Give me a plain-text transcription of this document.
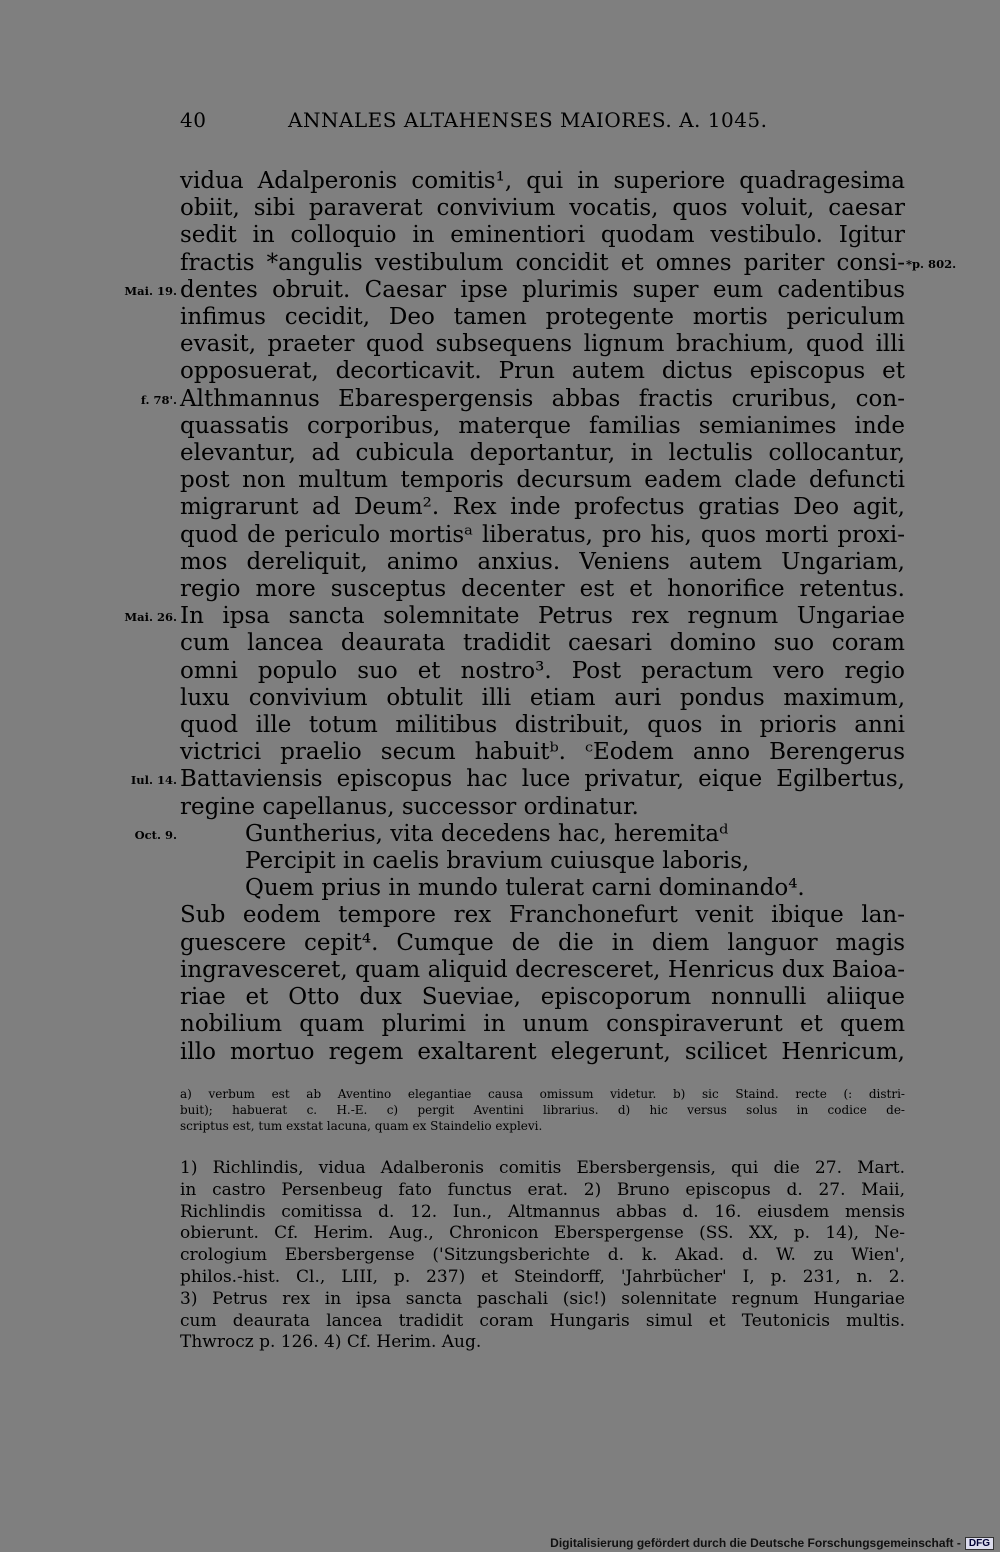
40	ANNALES ALTAHENSES MAIORES. A. 1045.
vidua Adalperonis comitis¹, qui in superiore quadragesima
obiit, sibi paraverat convivium vocatis, quos voluit, caesar
sedit in colloquio in eminentiori quodam vestibulo. Igitur
fractis *angulis vestibulum concidit et omnes pariter consi-
dentes obruit. Caesar ipse plurimis super eum cadentibus
infimus cecidit, Deo tamen protegente mortis periculum
evasit, praeter quod subsequens lignum brachium, quod illi
opposuerat, decorticavit. Prun autem dictus episcopus et
Althmannus Ebarespergensis abbas fractis cruribus, con-
quassatis corporibus, materque familias semianimes inde
elevantur, ad cubicula deportantur, in lectulis collocantur,
post non multum temporis decursum eadem clade defuncti
migrarunt ad Deum². Rex inde profectus gratias Deo agit,
quod de periculo mortisᵃ liberatus, pro his, quos morti proxi-
mos dereliquit, animo anxius. Veniens autem Ungariam,
regio more susceptus decenter est et honorifice retentus.
In ipsa sancta solemnitate Petrus rex regnum Ungariae
cum lancea deaurata tradidit caesari domino suo coram
omni populo suo et nostro³. Post peractum vero regio
luxu convivium obtulit illi etiam auri pondus maximum,
quod ille totum militibus distribuit, quos in prioris anni
victrici praelio secum habuitᵇ. ᶜEodem anno Berengerus
Battaviensis episcopus hac luce privatur, eique Egilbertus,
regine capellanus, successor ordinatur.
Guntherius, vita decedens hac, heremitaᵈ
Percipit in caelis bravium cuiusque laboris,
Quem prius in mundo tulerat carni dominando⁴.
Sub eodem tempore rex Franchonefurt venit ibique lan-
guescere cepit⁴. Cumque de die in diem languor magis
ingravesceret, quam aliquid decresceret, Henricus dux Baioa-
riae et Otto dux Sueviae, episcoporum nonnulli aliique
nobilium quam plurimi in unum conspiraverunt et quem
illo mortuo regem exaltarent elegerunt, scilicet Henricum,
*p. 802.
Mai. 19.
f. 78'.
Mai. 26.
Iul. 14.
Oct. 9.
a) verbum est ab Aventino elegantiae causa omissum videtur. b) sic Staind. recte (: distri-
buit); habuerat c. H.-E. c) pergit Aventini librarius. d) hic versus solus in codice de-
scriptus est, tum exstat lacuna, quam ex Staindelio explevi.
1) Richlindis, vidua Adalberonis comitis Ebersbergensis, qui die 27. Mart.
in castro Persenbeug fato functus erat. 2) Bruno episcopus d. 27. Maii,
Richlindis comitissa d. 12. Iun., Altmannus abbas d. 16. eiusdem mensis
obierunt. Cf. Herim. Aug., Chronicon Eberspergense (SS. XX, p. 14), Ne-
crologium Ebersbergense ('Sitzungsberichte d. k. Akad. d. W. zu Wien',
philos.-hist. Cl., LIII, p. 237) et Steindorff, 'Jahrbücher' I, p. 231, n. 2.
3) Petrus rex in ipsa sancta paschali (sic!) solennitate regnum Hungariae
cum deaurata lancea tradidit coram Hungaris simul et Teutonicis multis.
Thwrocz p. 126. 4) Cf. Herim. Aug.
Digitalisierung gefördert durch die Deutsche Forschungsgemeinschaft - DFG
